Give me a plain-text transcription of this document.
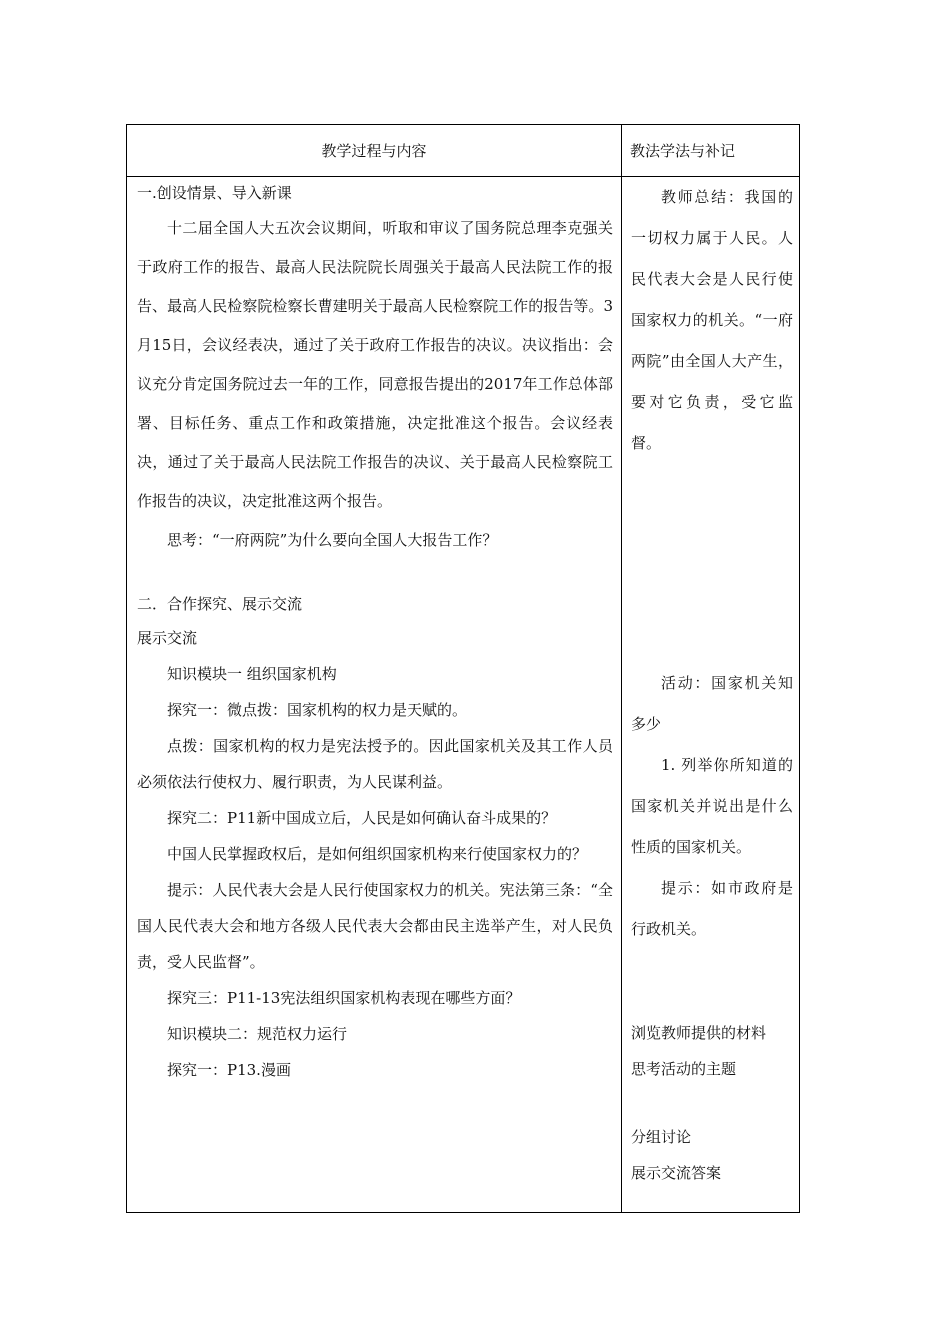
教学过程与内容	教法学法与补记

一.创设情景、导入新课

十二届全国人大五次会议期间，听取和审议了国务院总理李克强关于政府工作的报告、最高人民法院院长周强关于最高人民法院工作的报告、最高人民检察院检察长曹建明关于最高人民检察院工作的报告等。3月15日，会议经表决，通过了关于政府工作报告的决议。决议指出：会议充分肯定国务院过去一年的工作，同意报告提出的2017年工作总体部署、目标任务、重点工作和政策措施，决定批准这个报告。会议经表决，通过了关于最高人民法院工作报告的决议、关于最高人民检察院工作报告的决议，决定批准这两个报告。

思考：“一府两院”为什么要向全国人大报告工作？

二．合作探究、展示交流

展示交流

知识模块一 组织国家机构

探究一：微点拨：国家机构的权力是天赋的。

点拨：国家机构的权力是宪法授予的。因此国家机关及其工作人员必须依法行使权力、履行职责，为人民谋利益。

探究二：P11新中国成立后，人民是如何确认奋斗成果的？

中国人民掌握政权后，是如何组织国家机构来行使国家权力的？

提示：人民代表大会是人民行使国家权力的机关。宪法第三条：“全国人民代表大会和地方各级人民代表大会都由民主选举产生，对人民负责，受人民监督”。

探究三：P11-13宪法组织国家机构表现在哪些方面？

知识模块二：规范权力运行

探究一：P13.漫画

教师总结：我国的一切权力属于人民。人民代表大会是人民行使国家权力的机关。“一府两院”由全国人大产生，要对它负责，受它监督。

活动：国家机关知多少

1. 列举你所知道的国家机关并说出是什么性质的国家机关。

提示：如市政府是行政机关。

浏览教师提供的材料

思考活动的主题

分组讨论

展示交流答案
